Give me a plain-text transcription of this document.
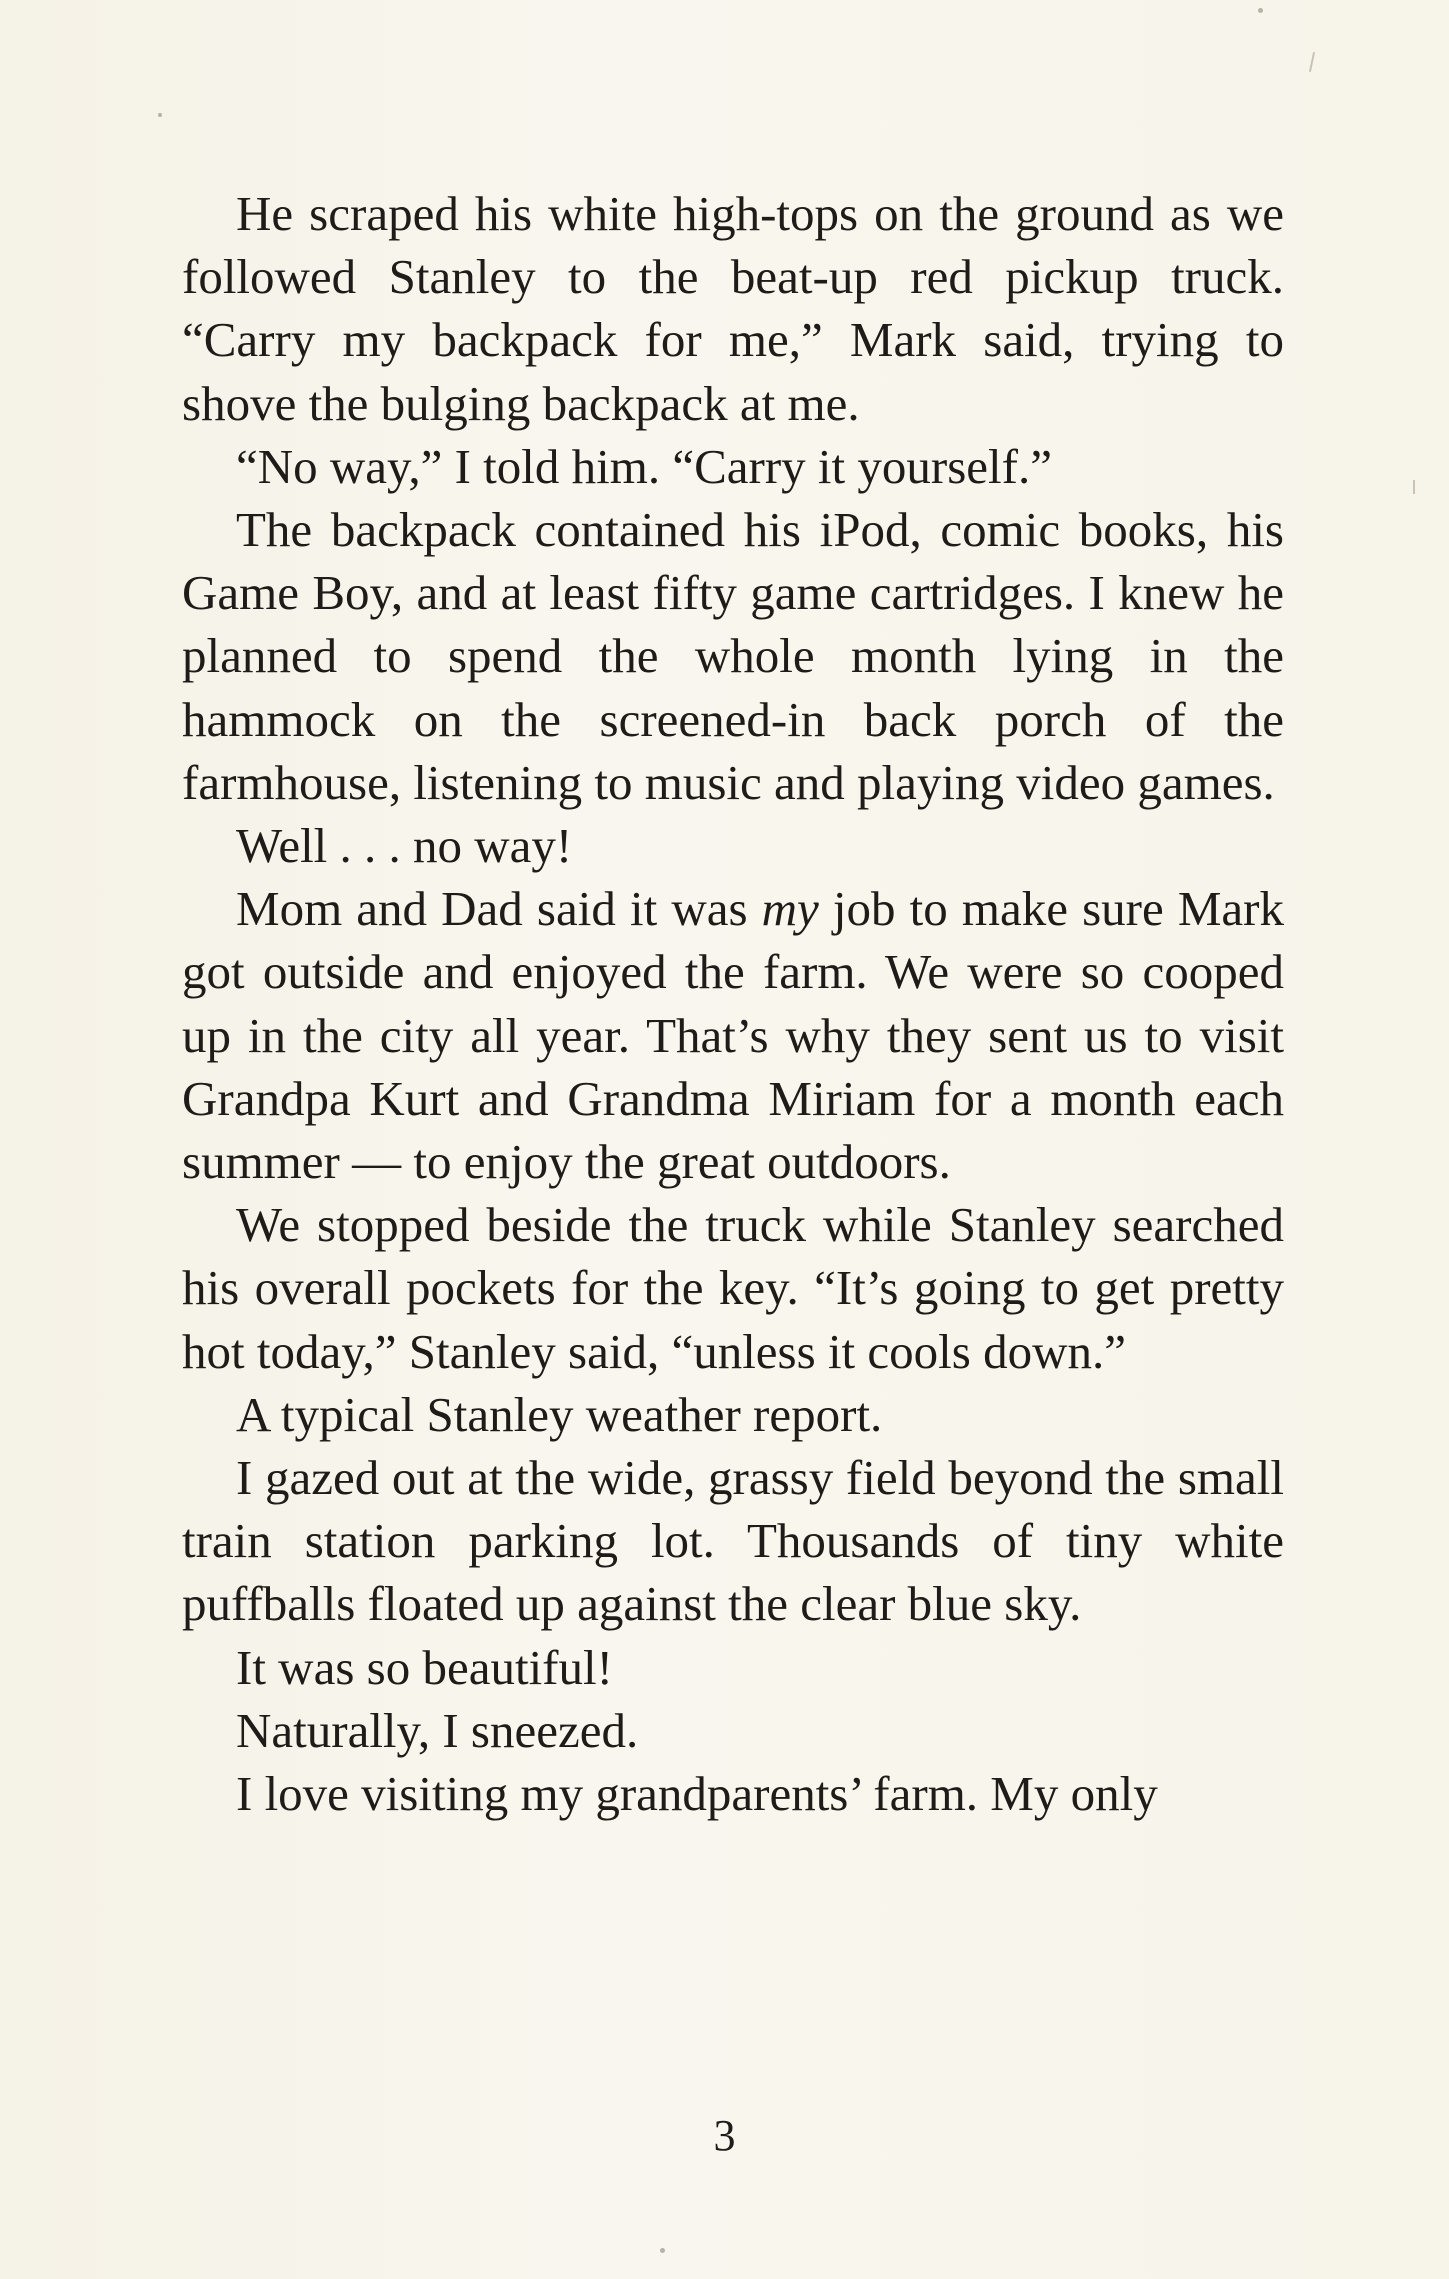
He scraped his white high-tops on the ground as we followed Stanley to the beat-up red pickup truck. “Carry my backpack for me,” Mark said, trying to shove the bulging backpack at me.

“No way,” I told him. “Carry it yourself.”

The backpack contained his iPod, comic books, his Game Boy, and at least fifty game cartridges. I knew he planned to spend the whole month lying in the hammock on the screened-in back porch of the farmhouse, listening to music and playing video games.

Well . . . no way!

Mom and Dad said it was my job to make sure Mark got outside and enjoyed the farm. We were so cooped up in the city all year. That’s why they sent us to visit Grandpa Kurt and Grandma Miriam for a month each summer — to enjoy the great outdoors.

We stopped beside the truck while Stanley searched his overall pockets for the key. “It’s going to get pretty hot today,” Stanley said, “unless it cools down.”

A typical Stanley weather report.

I gazed out at the wide, grassy field beyond the small train station parking lot. Thousands of tiny white puffballs floated up against the clear blue sky.

It was so beautiful!

Naturally, I sneezed.

I love visiting my grandparents’ farm. My only

3
